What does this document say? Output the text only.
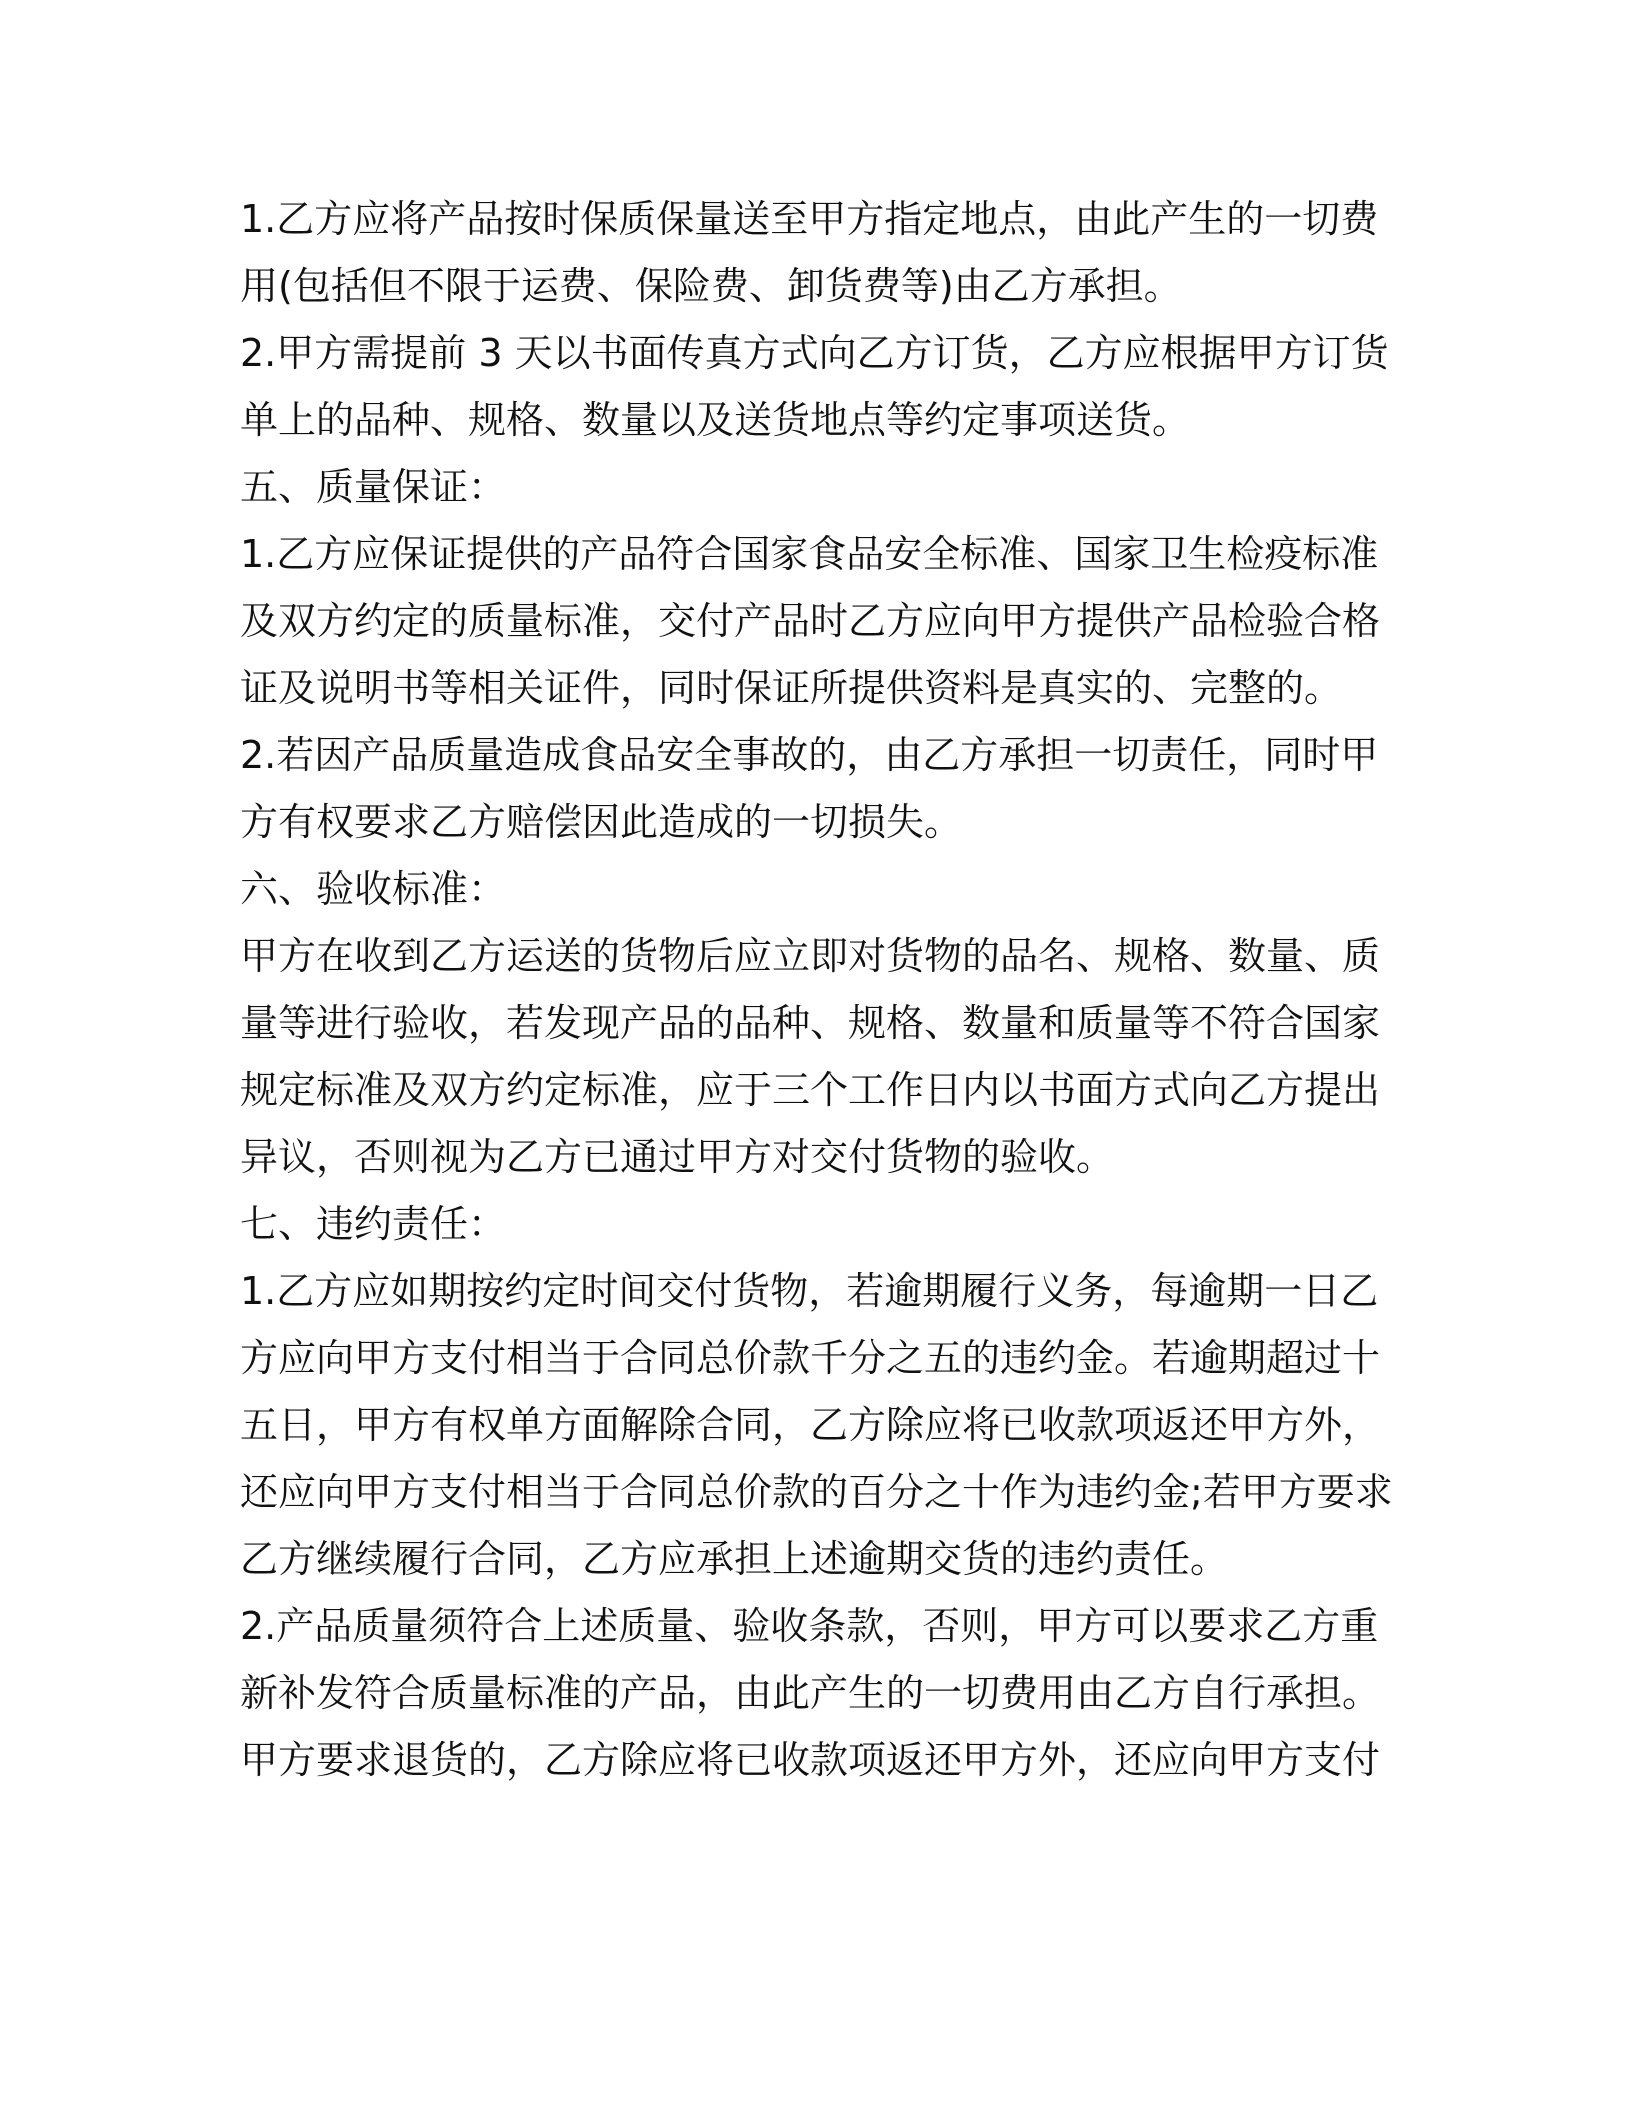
1.乙方应将产品按时保质保量送至甲方指定地点，由此产生的一切费
用(包括但不限于运费、保险费、卸货费等)由乙方承担。
2.甲方需提前 3 天以书面传真方式向乙方订货，乙方应根据甲方订货
单上的品种、规格、数量以及送货地点等约定事项送货。
五、质量保证：
1.乙方应保证提供的产品符合国家食品安全标准、国家卫生检疫标准
及双方约定的质量标准，交付产品时乙方应向甲方提供产品检验合格
证及说明书等相关证件，同时保证所提供资料是真实的、完整的。
2.若因产品质量造成食品安全事故的，由乙方承担一切责任，同时甲
方有权要求乙方赔偿因此造成的一切损失。
六、验收标准：
甲方在收到乙方运送的货物后应立即对货物的品名、规格、数量、质
量等进行验收，若发现产品的品种、规格、数量和质量等不符合国家
规定标准及双方约定标准，应于三个工作日内以书面方式向乙方提出
异议，否则视为乙方已通过甲方对交付货物的验收。
七、违约责任：
1.乙方应如期按约定时间交付货物，若逾期履行义务，每逾期一日乙
方应向甲方支付相当于合同总价款千分之五的违约金。若逾期超过十
五日，甲方有权单方面解除合同，乙方除应将已收款项返还甲方外，
还应向甲方支付相当于合同总价款的百分之十作为违约金;若甲方要求
乙方继续履行合同，乙方应承担上述逾期交货的违约责任。
2.产品质量须符合上述质量、验收条款，否则，甲方可以要求乙方重
新补发符合质量标准的产品，由此产生的一切费用由乙方自行承担。
甲方要求退货的，乙方除应将已收款项返还甲方外，还应向甲方支付
